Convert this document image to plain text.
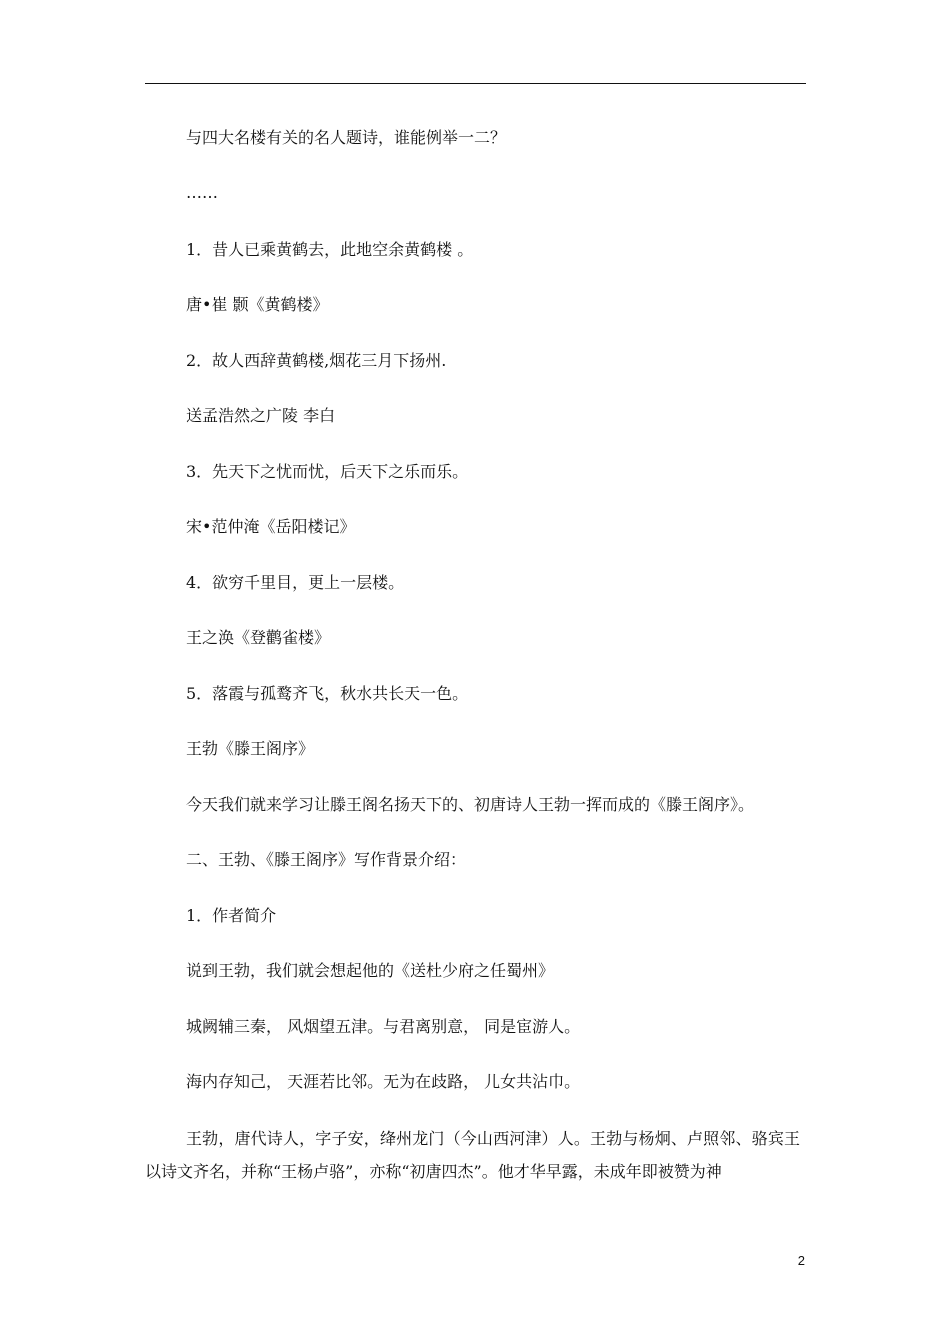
与四大名楼有关的名人题诗，谁能例举一二？
……
1．昔人已乘黄鹤去，此地空余黄鹤楼 。
唐•崔 颢《黄鹤楼》
2．故人西辞黄鹤楼,烟花三月下扬州.
送孟浩然之广陵 李白
3．先天下之忧而忧，后天下之乐而乐。
宋•范仲淹《岳阳楼记》
4．欲穷千里目，更上一层楼。
王之涣《登鹳雀楼》
5．落霞与孤鹜齐飞，秋水共长天一色。
王勃《滕王阁序》
今天我们就来学习让滕王阁名扬天下的、初唐诗人王勃一挥而成的《滕王阁序》。
二、王勃、《滕王阁序》写作背景介绍：
1．作者简介
说到王勃，我们就会想起他的《送杜少府之任蜀州》
城阙辅三秦， 风烟望五津。与君离别意， 同是宦游人。
海内存知己， 天涯若比邻。无为在歧路， 儿女共沾巾。
王勃，唐代诗人，字子安，绛州龙门（今山西河津）人。王勃与杨炯、卢照邻、骆宾王以诗文齐名，并称“王杨卢骆”，亦称“初唐四杰”。他才华早露，未成年即被赞为神
2
